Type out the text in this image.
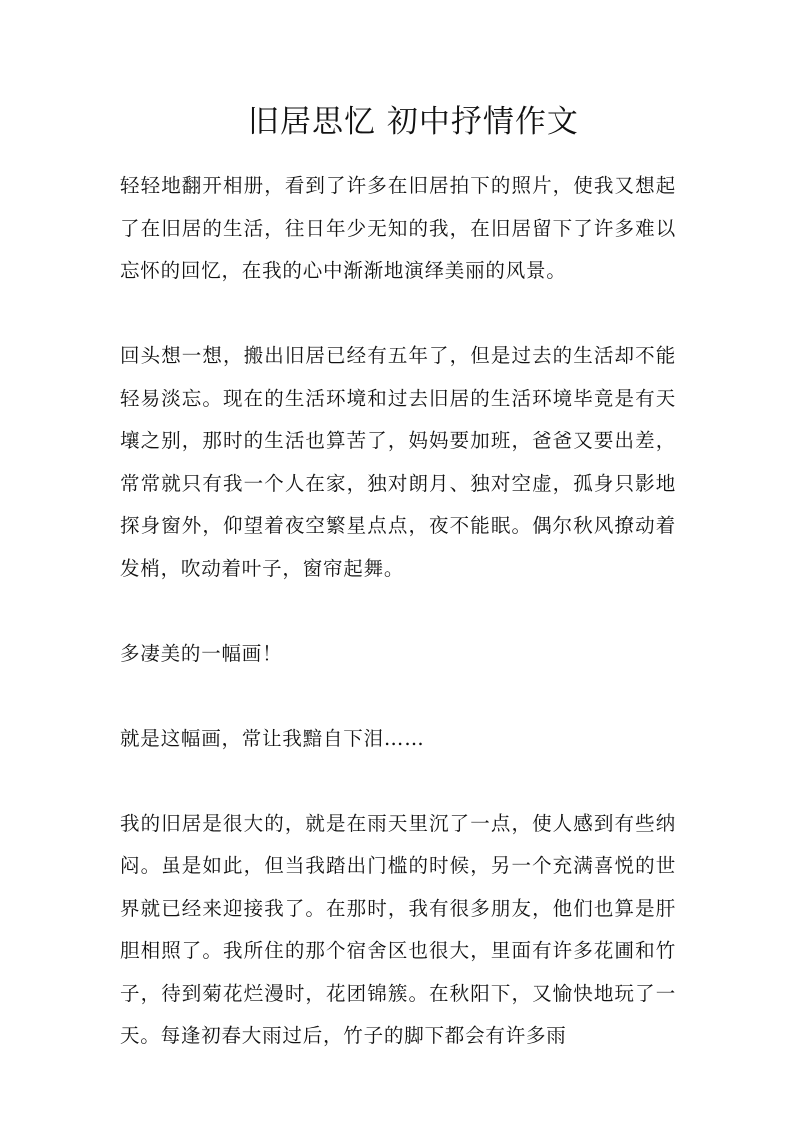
旧居思忆 初中抒情作文

轻轻地翻开相册，看到了许多在旧居拍下的照片，使我又想起了在旧居的生活，往日年少无知的我，在旧居留下了许多难以忘怀的回忆，在我的心中渐渐地演绎美丽的风景。

回头想一想，搬出旧居已经有五年了，但是过去的生活却不能轻易淡忘。现在的生活环境和过去旧居的生活环境毕竟是有天壤之别，那时的生活也算苦了，妈妈要加班，爸爸又要出差，常常就只有我一个人在家，独对朗月、独对空虚，孤身只影地探身窗外，仰望着夜空繁星点点，夜不能眠。偶尔秋风撩动着发梢，吹动着叶子，窗帘起舞。

多凄美的一幅画！

就是这幅画，常让我黯自下泪……

我的旧居是很大的，就是在雨天里沉了一点，使人感到有些纳闷。虽是如此，但当我踏出门槛的时候，另一个充满喜悦的世界就已经来迎接我了。在那时，我有很多朋友，他们也算是肝胆相照了。我所住的那个宿舍区也很大，里面有许多花圃和竹子，待到菊花烂漫时，花团锦簇。在秋阳下，又愉快地玩了一天。每逢初春大雨过后，竹子的脚下都会有许多雨
